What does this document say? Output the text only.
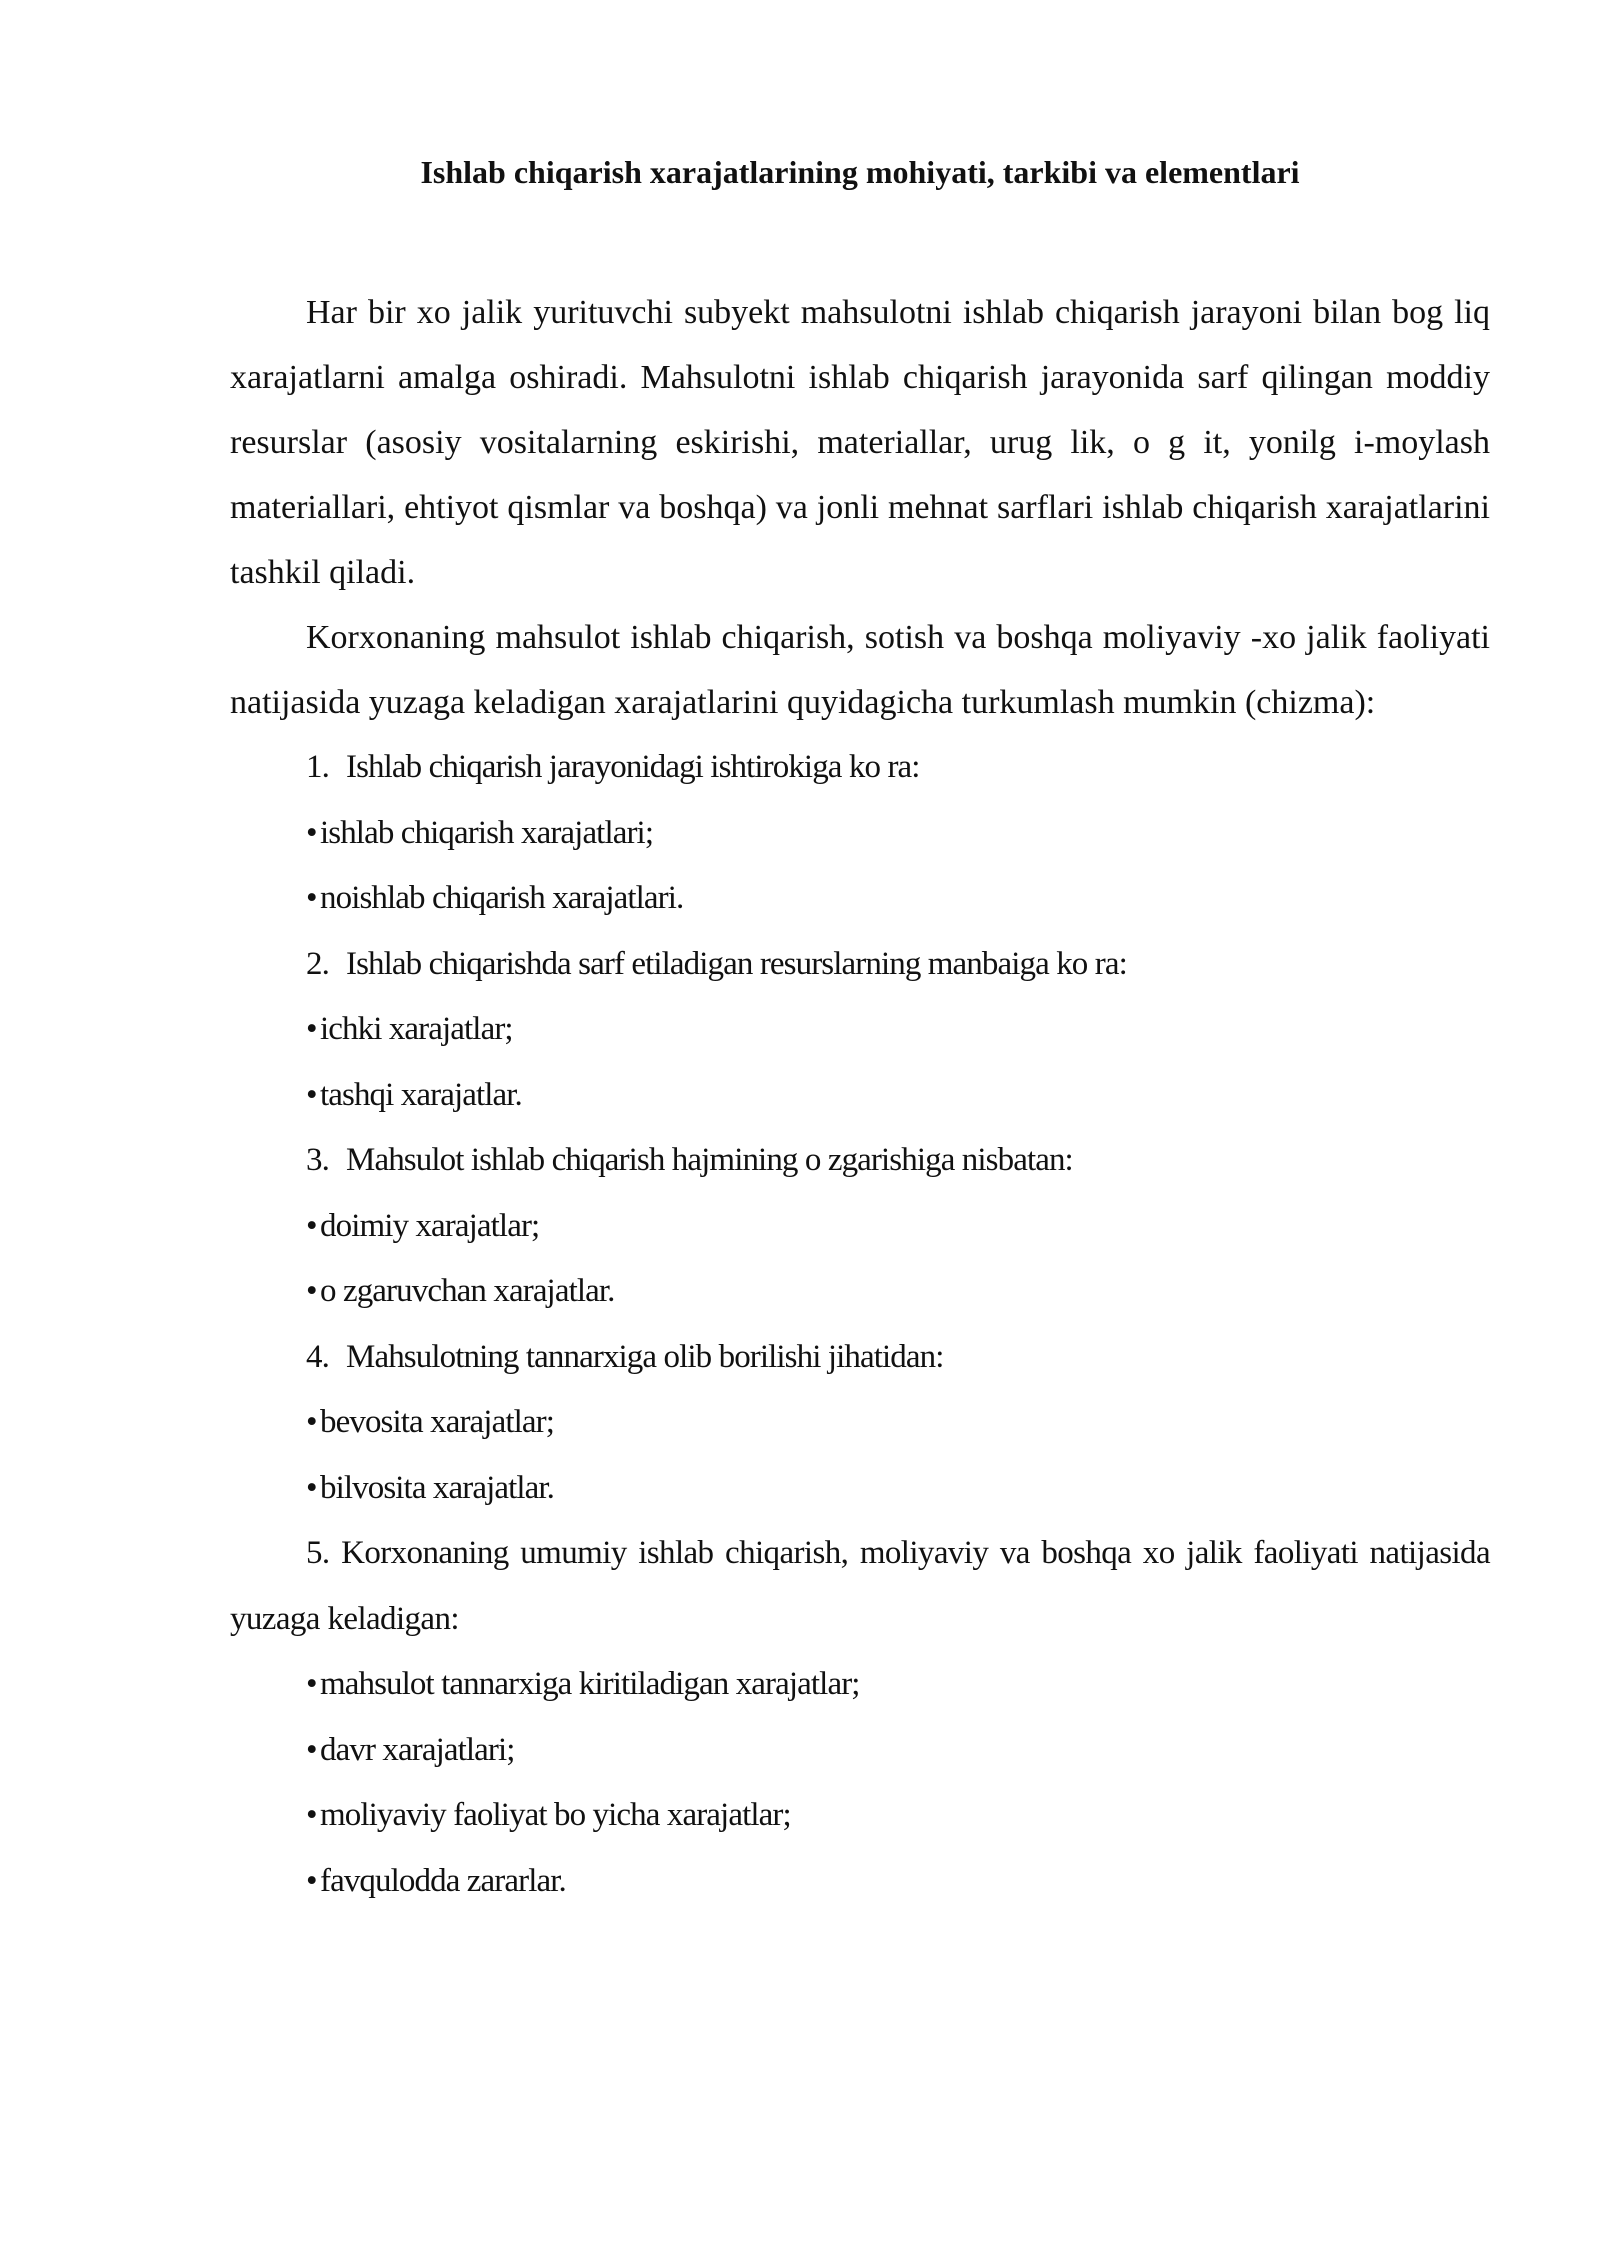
Ishlab chiqarish xarajatlarining mohiyati, tarkibi va elementlari

Har bir xo jalik yurituvchi subyekt mahsulotni ishlab chiqarish jarayoni bilan bog liq xarajatlarni amalga oshiradi. Mahsulotni ishlab chiqarish jarayonida sarf qilingan moddiy resurslar (asosiy vositalarning eskirishi, materiallar, urug lik, o g it, yonilg i-moylash materiallari, ehtiyot qismlar va boshqa) va jonli mehnat sarflari ishlab chiqarish xarajatlarini tashkil qiladi.

Korxonaning mahsulot ishlab chiqarish, sotish va boshqa moliyaviy -xo jalik faoliyati natijasida yuzaga keladigan xarajatlarini quyidagicha turkumlash mumkin (chizma):

1. Ishlab chiqarish jarayonidagi ishtirokiga ko ra:
• ishlab chiqarish xarajatlari;
• noishlab chiqarish xarajatlari.
2. Ishlab chiqarishda sarf etiladigan resurslarning manbaiga ko ra:
• ichki xarajatlar;
• tashqi xarajatlar.
3. Mahsulot ishlab chiqarish hajmining o zgarishiga nisbatan:
• doimiy xarajatlar;
• o zgaruvchan xarajatlar.
4. Mahsulotning tannarxiga olib borilishi jihatidan:
• bevosita xarajatlar;
• bilvosita xarajatlar.
5. Korxonaning umumiy ishlab chiqarish, moliyaviy va boshqa xo jalik faoliyati natijasida yuzaga keladigan:
• mahsulot tannarxiga kiritiladigan xarajatlar;
• davr xarajatlari;
• moliyaviy faoliyat bo yicha xarajatlar;
• favqulodda zararlar.
